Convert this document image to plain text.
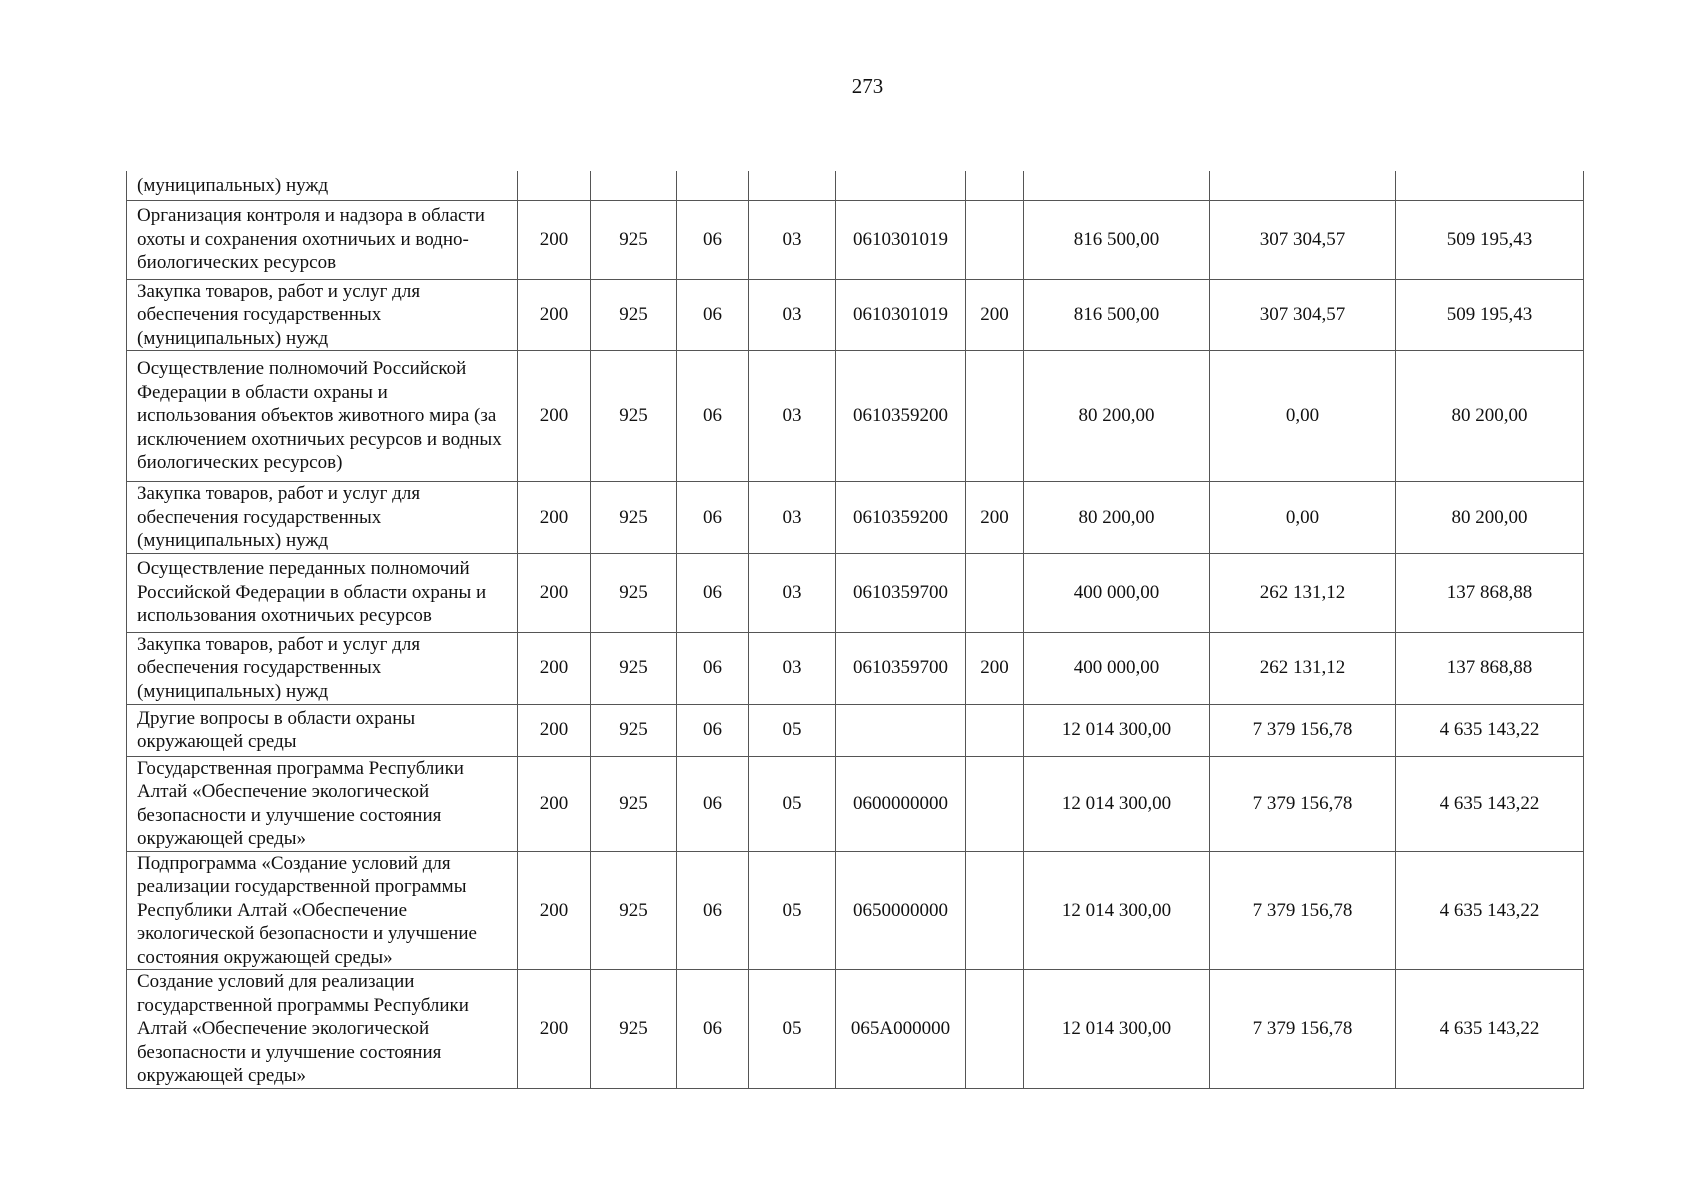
273
(муниципальных) нужд									
Организация контроля и надзора в области охоты и сохранения охотничьих и водно-биологических ресурсов	200	925	06	03	0610301019		816 500,00	307 304,57	509 195,43
Закупка товаров, работ и услуг для обеспечения государственных (муниципальных) нужд	200	925	06	03	0610301019	200	816 500,00	307 304,57	509 195,43
Осуществление полномочий Российской Федерации в области охраны и использования объектов животного мира (за исключением охотничьих ресурсов и водных биологических ресурсов)	200	925	06	03	0610359200		80 200,00	0,00	80 200,00
Закупка товаров, работ и услуг для обеспечения государственных (муниципальных) нужд	200	925	06	03	0610359200	200	80 200,00	0,00	80 200,00
Осуществление переданных полномочий Российской Федерации в области охраны и использования охотничьих ресурсов	200	925	06	03	0610359700		400 000,00	262 131,12	137 868,88
Закупка товаров, работ и услуг для обеспечения государственных (муниципальных) нужд	200	925	06	03	0610359700	200	400 000,00	262 131,12	137 868,88
Другие вопросы в области охраны окружающей среды	200	925	06	05			12 014 300,00	7 379 156,78	4 635 143,22
Государственная программа Республики Алтай «Обеспечение экологической безопасности и улучшение состояния окружающей среды»	200	925	06	05	0600000000		12 014 300,00	7 379 156,78	4 635 143,22
Подпрограмма «Создание условий для реализации государственной программы Республики Алтай «Обеспечение экологической безопасности и улучшение состояния окружающей среды»	200	925	06	05	0650000000		12 014 300,00	7 379 156,78	4 635 143,22
Создание условий для реализации государственной программы Республики Алтай «Обеспечение экологической безопасности и улучшение состояния окружающей среды»	200	925	06	05	065A000000		12 014 300,00	7 379 156,78	4 635 143,22
